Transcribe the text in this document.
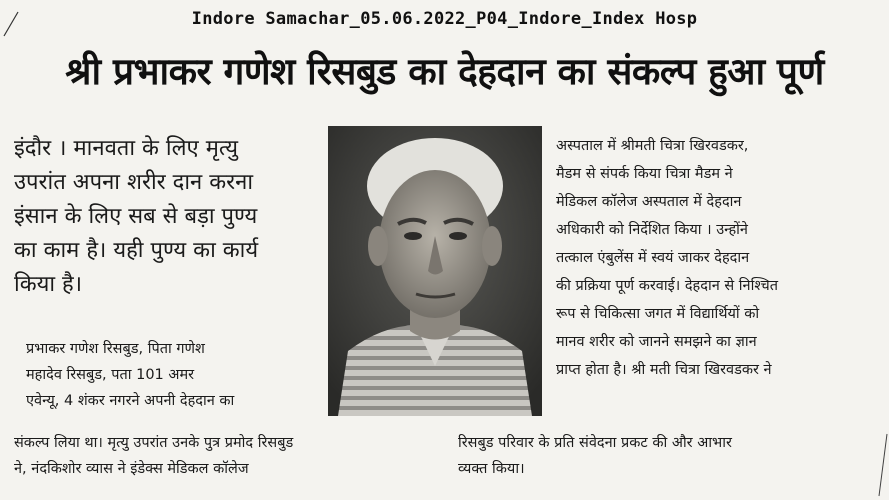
Indore Samachar_05.06.2022_P04_Indore_Index Hosp
श्री प्रभाकर गणेश रिसबुड का देहदान का संकल्प हुआ पूर्ण
इंदौर । मानवता के लिए मृत्यु
उपरांत अपना शरीर दान करना
इंसान के लिए सब से बड़ा पुण्य
का काम है। यही पुण्य का कार्य
किया है।
प्रभाकर गणेश रिसबुड, पिता गणेश
महादेव रिसबुड, पता 101 अमर
एवेन्यू, 4 शंकर नगरने अपनी देहदान का
संकल्प लिया था। मृत्यु उपरांत उनके पुत्र प्रमोद रिसबुड
ने, नंदकिशोर व्यास ने इंडेक्स मेडिकल कॉलेज
अस्पताल में श्रीमती चित्रा खिरवडकर,
मैडम से संपर्क किया चित्रा मैडम ने
मेडिकल कॉलेज अस्पताल में देहदान
अधिकारी को निर्देशित किया । उन्होंने
तत्काल एंबुलेंस में स्वयं जाकर देहदान
की प्रक्रिया पूर्ण करवाई। देहदान से निश्चित
रूप से चिकित्सा जगत में विद्यार्थियों को
मानव शरीर को जानने समझने का ज्ञान
प्राप्त होता है। श्री मती चित्रा खिरवडकर ने
रिसबुड परिवार के प्रति संवेदना प्रकट की और आभार
व्यक्त किया।
